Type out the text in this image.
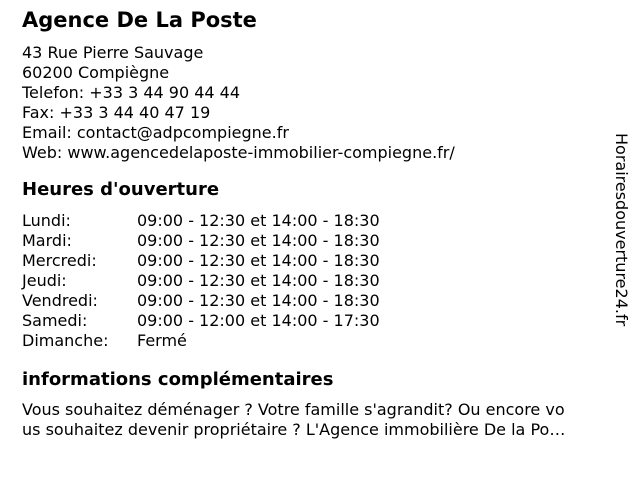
Agence De La Poste
43 Rue Pierre Sauvage
60200 Compiègne
Telefon: +33 3 44 90 44 44
Fax: +33 3 44 40 47 19
Email: contact@adpcompiegne.fr
Web: www.agencedelaposte-immobilier-compiegne.fr/
Heures d'ouverture
Lundi:	09:00 - 12:30 et 14:00 - 18:30
Mardi:	09:00 - 12:30 et 14:00 - 18:30
Mercredi:	09:00 - 12:30 et 14:00 - 18:30
Jeudi:	09:00 - 12:30 et 14:00 - 18:30
Vendredi:	09:00 - 12:30 et 14:00 - 18:30
Samedi:	09:00 - 12:00 et 14:00 - 17:30
Dimanche:	Fermé
informations complémentaires
Vous souhaitez déménager ? Votre famille s'agrandit? Ou encore vo
us souhaitez devenir propriétaire ? L'Agence immobilière De la Po…
Horairesdouverture24.fr
